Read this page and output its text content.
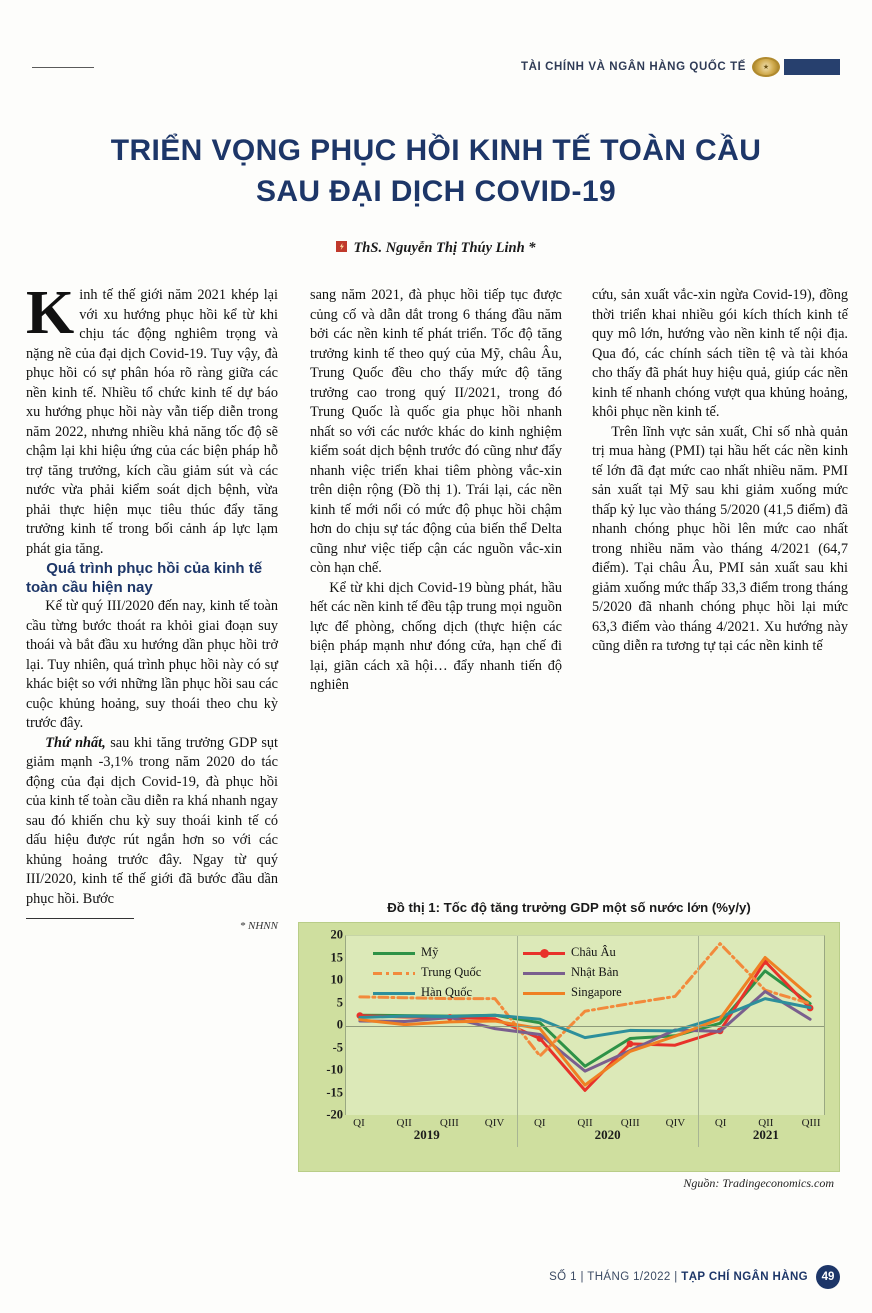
TÀI CHÍNH VÀ NGÂN HÀNG QUỐC TẾ	★
TRIỂN VỌNG PHỤC HỒI KINH TẾ TOÀN CẦU
SAU ĐẠI DỊCH COVID-19
ThS. Nguyễn Thị Thúy Linh *

Kinh tế thế giới năm 2021 khép lại với xu hướng phục hồi kể từ khi chịu tác động nghiêm trọng và nặng nề của đại dịch Covid-19. Tuy vậy, đà phục hồi có sự phân hóa rõ ràng giữa các nền kinh tế. Nhiều tổ chức kinh tế dự báo xu hướng phục hồi này vẫn tiếp diễn trong năm 2022, nhưng nhiều khả năng tốc độ sẽ chậm lại khi hiệu ứng của các biện pháp hỗ trợ tăng trưởng, kích cầu giảm sút và các nước vừa phải kiểm soát dịch bệnh, vừa phải thực hiện mục tiêu thúc đẩy tăng trưởng kinh tế trong bối cảnh áp lực lạm phát gia tăng.

Quá trình phục hồi của kinh tế toàn cầu hiện nay

Kể từ quý III/2020 đến nay, kinh tế toàn cầu từng bước thoát ra khỏi giai đoạn suy thoái và bắt đầu xu hướng dần phục hồi trở lại. Tuy nhiên, quá trình phục hồi này có sự khác biệt so với những lần phục hồi sau các cuộc khủng hoảng, suy thoái theo chu kỳ trước đây.

Thứ nhất, sau khi tăng trưởng GDP sụt giảm mạnh -3,1% trong năm 2020 do tác động của đại dịch Covid-19, đà phục hồi của kinh tế toàn cầu diễn ra khá nhanh ngay sau đó khiến chu kỳ suy thoái kinh tế có dấu hiệu được rút ngắn hơn so với các khủng hoảng trước đây. Ngay từ quý III/2020, kinh tế thế giới đã bước đầu dần phục hồi. Bước

* NHNN

sang năm 2021, đà phục hồi tiếp tục được củng cố và dẫn dắt trong 6 tháng đầu năm bởi các nền kinh tế phát triển. Tốc độ tăng trưởng kinh tế theo quý của Mỹ, châu Âu, Trung Quốc đều cho thấy mức độ tăng trưởng cao trong quý II/2021, trong đó Trung Quốc là quốc gia phục hồi nhanh nhất so với các nước khác do kinh nghiệm kiểm soát dịch bệnh trước đó cũng như đẩy nhanh việc triển khai tiêm phòng vắc-xin trên diện rộng (Đồ thị 1). Trái lại, các nền kinh tế mới nổi có mức độ phục hồi chậm hơn do chịu sự tác động của biến thể Delta cũng như việc tiếp cận các nguồn vắc-xin còn hạn chế.

Kể từ khi dịch Covid-19 bùng phát, hầu hết các nền kinh tế đều tập trung mọi nguồn lực để phòng, chống dịch (thực hiện các biện pháp mạnh như đóng cửa, hạn chế đi lại, giãn cách xã hội… đẩy nhanh tiến độ nghiên

cứu, sản xuất vắc-xin ngừa Covid-19), đồng thời triển khai nhiều gói kích thích kinh tế quy mô lớn, hướng vào nền kinh tế nội địa. Qua đó, các chính sách tiền tệ và tài khóa cho thấy đã phát huy hiệu quả, giúp các nền kinh tế nhanh chóng vượt qua khủng hoảng, khôi phục nền kinh tế.

Trên lĩnh vực sản xuất, Chỉ số nhà quản trị mua hàng (PMI) tại hầu hết các nền kinh tế lớn đã đạt mức cao nhất nhiều năm. PMI sản xuất tại Mỹ sau khi giảm xuống mức thấp kỷ lục vào tháng 5/2020 (41,5 điểm) đã nhanh chóng phục hồi lên mức cao nhất trong nhiều năm vào tháng 4/2021 (64,7 điểm). Tại châu Âu, PMI sản xuất sau khi giảm xuống mức thấp 33,3 điểm trong tháng 5/2020 đã nhanh chóng phục hồi lại mức 63,3 điểm vào tháng 4/2021. Xu hướng này cũng diễn ra tương tự tại các nền kinh tế

Đồ thị 1: Tốc độ tăng trưởng GDP một số nước lớn (%y/y)
20
15
10
5
0
-5
-10
-15
-20
QI	QII	QIII QIV	QI	QII	QIII QIV	QI	QII	QIII
2019	2020	2021
Mỹ	Châu Âu
Trung Quốc	Nhật Bản
Hàn Quốc	Singapore
Nguồn: Tradingeconomics.com
SỐ 1 | THÁNG 1/2022 | TẠP CHÍ NGÂN HÀNG	49
